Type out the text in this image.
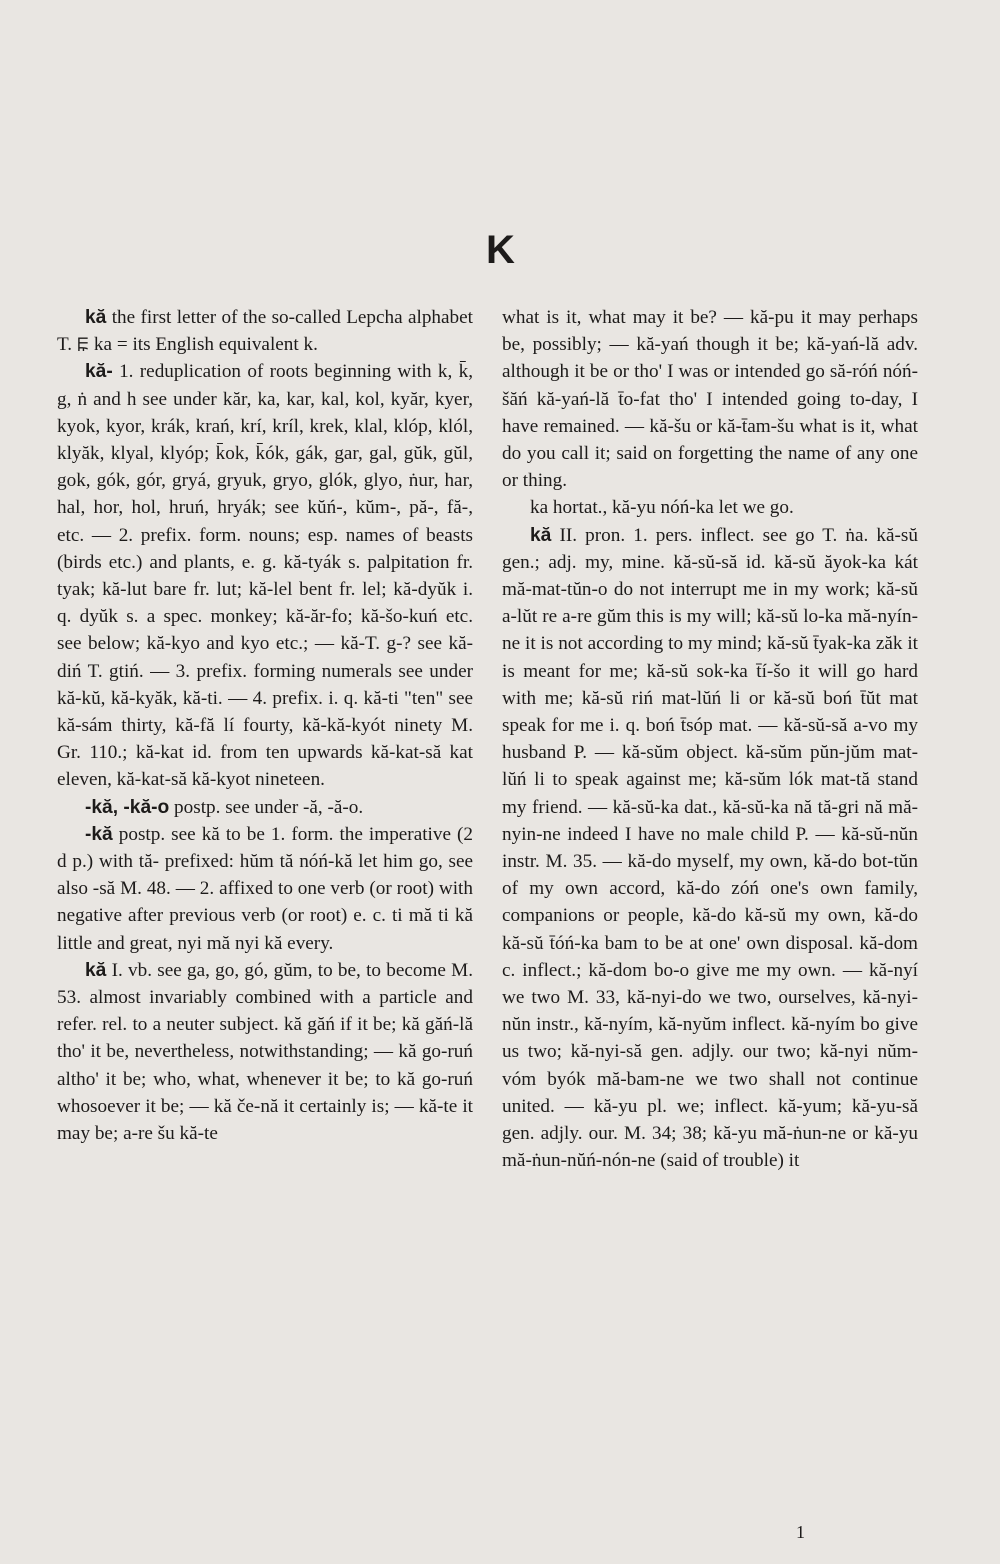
K

kă the first letter of the so-called Lepcha alphabet T. ꡀ ka = its English equivalent k.

kă- 1. reduplication of roots beginning with k, k̄, g, ṅ and h see under kăr, ka, kar, kal, kol, kyăr, kyer, kyok, kyor, krák, krań, krí, kríl, krek, klal, klóp, klól, klyăk, klyal, klyóp; k̄ok, k̄ók, gák, gar, gal, gŭk, gŭl, gok, gók, gór, gryá, gryuk, gryo, glók, glyo, ṅur, har, hal, hor, hol, hruń, hryák; see kŭń-, kŭm-, pă-, fă-, etc. — 2. prefix. form. nouns; esp. names of beasts (birds etc.) and plants, e. g. kă-tyák s. palpitation fr. tyak; kă-lut bare fr. lut; kă-lel bent fr. lel; kă-dyŭk i. q. dyŭk s. a spec. monkey; kă-ăr-fo; kă-šo-kuń etc. see below; kă-kyo and kyo etc.; — kă-T. g-? see kă-diń T. gtiń. — 3. prefix. forming numerals see under kă-kŭ, kă-kyăk, kă-ti. — 4. prefix. i. q. kă-ti "ten" see kă-sám thirty, kă-fă lí fourty, kă-kă-kyót ninety M. Gr. 110.; kă-kat id. from ten upwards kă-kat-să kat eleven, kă-kat-să kă-kyot nineteen.

-kă, -kă-o postp. see under -ă, -ă-o.

-kă postp. see kă to be 1. form. the imperative (2 d p.) with tă- prefixed: hŭm tă nóń-kă let him go, see also -să M. 48. — 2. affixed to one verb (or root) with negative after previous verb (or root) e. c. ti mă ti kă little and great, nyi mă nyi kă every.

kă I. vb. see ga, go, gó, gŭm, to be, to become M. 53. almost invariably combined with a particle and refer. rel. to a neuter subject. kă găń if it be; kă găń-lă tho' it be, nevertheless, notwithstanding; — kă go-ruń altho' it be; who, what, whenever it be; to kă go-ruń whosoever it be; — kă če-nă it certainly is; — kă-te it may be; a-re šu kă-te

what is it, what may it be? — kă-pu it may perhaps be, possibly; — kă-yań though it be; kă-yań-lă adv. although it be or tho' I was or intended go să-róń nóń-šăń kă-yań-lă t̄o-fat tho' I intended going to-day, I have remained. — kă-šu or kă-t̄am-šu what is it, what do you call it; said on forgetting the name of any one or thing.

ka hortat., kă-yu nóń-ka let we go.

kă II. pron. 1. pers. inflect. see go T. ṅa. kă-sŭ gen.; adj. my, mine. kă-sŭ-să id. kă-sŭ ăyok-ka kát mă-mat-tŭn-o do not interrupt me in my work; kă-sŭ a-lŭt re a-re gŭm this is my will; kă-sŭ lo-ka mă-nyín-ne it is not according to my mind; kă-sŭ t̄yak-ka zăk it is meant for me; kă-sŭ sok-ka t̄í-šo it will go hard with me; kă-sŭ riń mat-lŭń li or kă-sŭ boń t̄ŭt mat speak for me i. q. boń t̄sóp mat. — kă-sŭ-să a-vo my husband P. — kă-sŭm object. kă-sŭm pŭn-jŭm mat-lŭń li to speak against me; kă-sŭm lók mat-tă stand my friend. — kă-sŭ-ka dat., kă-sŭ-ka nă tă-gri nă mă-nyin-ne indeed I have no male child P. — kă-sŭ-nŭn instr. M. 35. — kă-do myself, my own, kă-do bot-tŭn of my own accord, kă-do zóń one's own family, companions or people, kă-do kă-sŭ my own, kă-do kă-sŭ t̄óń-ka bam to be at one' own disposal. kă-dom c. inflect.; kă-dom bo-o give me my own. — kă-nyí we two M. 33, kă-nyi-do we two, ourselves, kă-nyi-nŭn instr., kă-nyím, kă-nyŭm inflect. kă-nyím bo give us two; kă-nyi-să gen. adjly. our two; kă-nyi nŭm-vóm byók mă-bam-ne we two shall not continue united. — kă-yu pl. we; inflect. kă-yum; kă-yu-să gen. adjly. our. M. 34; 38; kă-yu mă-ṅun-ne or kă-yu mă-ṅun-nŭń-nón-ne (said of trouble) it

1
